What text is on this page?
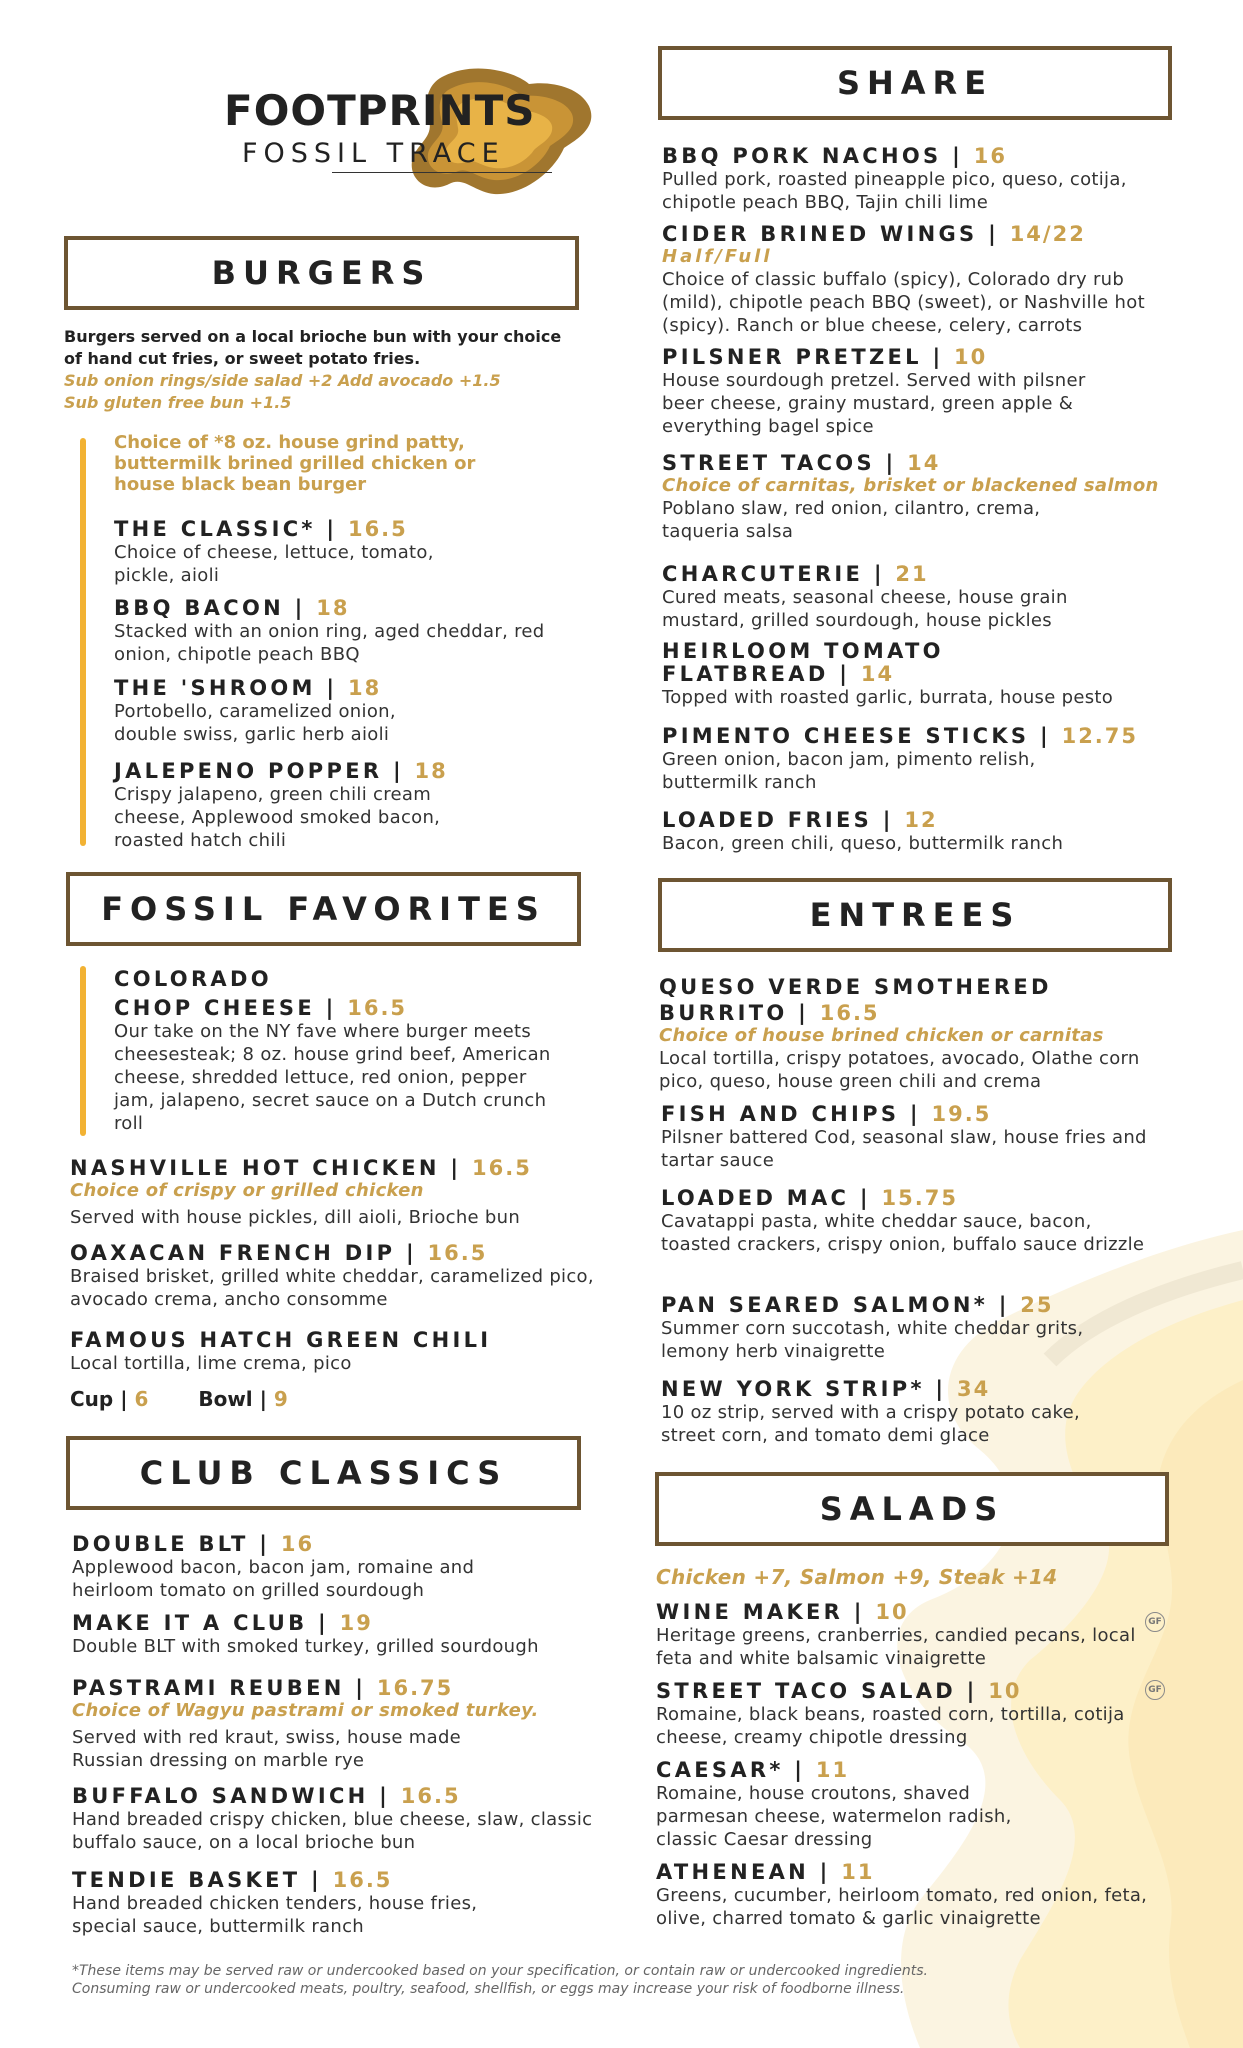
FOOTPRINTS
FOSSIL TRACE
BURGERS
Burgers served on a local brioche bun with your choice of hand cut fries, or sweet potato fries.
Sub onion rings/side salad +2 Add avocado +1.5
Sub gluten free bun +1.5
Choice of *8 oz. house grind patty, buttermilk brined grilled chicken or house black bean burger
THE CLASSIC* | 16.5
Choice of cheese, lettuce, tomato, pickle, aioli
BBQ BACON | 18
Stacked with an onion ring, aged cheddar, red onion, chipotle peach BBQ
THE 'SHROOM | 18
Portobello, caramelized onion, double swiss, garlic herb aioli
JALEPENO POPPER | 18
Crispy jalapeno, green chili cream cheese, Applewood smoked bacon, roasted hatch chili
FOSSIL FAVORITES
COLORADO
CHOP CHEESE | 16.5
Our take on the NY fave where burger meets cheesesteak; 8 oz. house grind beef, American cheese, shredded lettuce, red onion, pepper jam, jalapeno, secret sauce on a Dutch crunch roll
NASHVILLE HOT CHICKEN | 16.5
Choice of crispy or grilled chicken
Served with house pickles, dill aioli, Brioche bun
OAXACAN FRENCH DIP | 16.5
Braised brisket, grilled white cheddar, caramelized pico, avocado crema, ancho consomme
FAMOUS HATCH GREEN CHILI
Local tortilla, lime crema, pico
Cup | 6 Bowl | 9
CLUB CLASSICS
DOUBLE BLT | 16
Applewood bacon, bacon jam, romaine and heirloom tomato on grilled sourdough
MAKE IT A CLUB | 19
Double BLT with smoked turkey, grilled sourdough
PASTRAMI REUBEN | 16.75
Choice of Wagyu pastrami or smoked turkey.
Served with red kraut, swiss, house made Russian dressing on marble rye
BUFFALO SANDWICH | 16.5
Hand breaded crispy chicken, blue cheese, slaw, classic buffalo sauce, on a local brioche bun
TENDIE BASKET | 16.5
Hand breaded chicken tenders, house fries, special sauce, buttermilk ranch
SHARE
BBQ PORK NACHOS | 16
Pulled pork, roasted pineapple pico, queso, cotija, chipotle peach BBQ, Tajin chili lime
CIDER BRINED WINGS | 14/22
Half/Full
Choice of classic buffalo (spicy), Colorado dry rub (mild), chipotle peach BBQ (sweet), or Nashville hot (spicy). Ranch or blue cheese, celery, carrots
PILSNER PRETZEL | 10
House sourdough pretzel. Served with pilsner beer cheese, grainy mustard, green apple & everything bagel spice
STREET TACOS | 14
Choice of carnitas, brisket or blackened salmon
Poblano slaw, red onion, cilantro, crema, taqueria salsa
CHARCUTERIE | 21
Cured meats, seasonal cheese, house grain mustard, grilled sourdough, house pickles
HEIRLOOM TOMATO
FLATBREAD | 14
Topped with roasted garlic, burrata, house pesto
PIMENTO CHEESE STICKS | 12.75
Green onion, bacon jam, pimento relish, buttermilk ranch
LOADED FRIES | 12
Bacon, green chili, queso, buttermilk ranch
ENTREES
QUESO VERDE SMOTHERED
BURRITO | 16.5
Choice of house brined chicken or carnitas
Local tortilla, crispy potatoes, avocado, Olathe corn pico, queso, house green chili and crema
FISH AND CHIPS | 19.5
Pilsner battered Cod, seasonal slaw, house fries and tartar sauce
LOADED MAC | 15.75
Cavatappi pasta, white cheddar sauce, bacon, toasted crackers, crispy onion, buffalo sauce drizzle
PAN SEARED SALMON* | 25
Summer corn succotash, white cheddar grits, lemony herb vinaigrette
NEW YORK STRIP* | 34
10 oz strip, served with a crispy potato cake, street corn, and tomato demi glace
SALADS
Chicken +7, Salmon +9, Steak +14
WINE MAKER | 10
Heritage greens, cranberries, candied pecans, local feta and white balsamic vinaigrette
GF
STREET TACO SALAD | 10
Romaine, black beans, roasted corn, tortilla, cotija cheese, creamy chipotle dressing
GF
CAESAR* | 11
Romaine, house croutons, shaved parmesan cheese, watermelon radish, classic Caesar dressing
ATHENEAN | 11
Greens, cucumber, heirloom tomato, red onion, feta, olive, charred tomato & garlic vinaigrette
*These items may be served raw or undercooked based on your specification, or contain raw or undercooked ingredients.
Consuming raw or undercooked meats, poultry, seafood, shellfish, or eggs may increase your risk of foodborne illness.
